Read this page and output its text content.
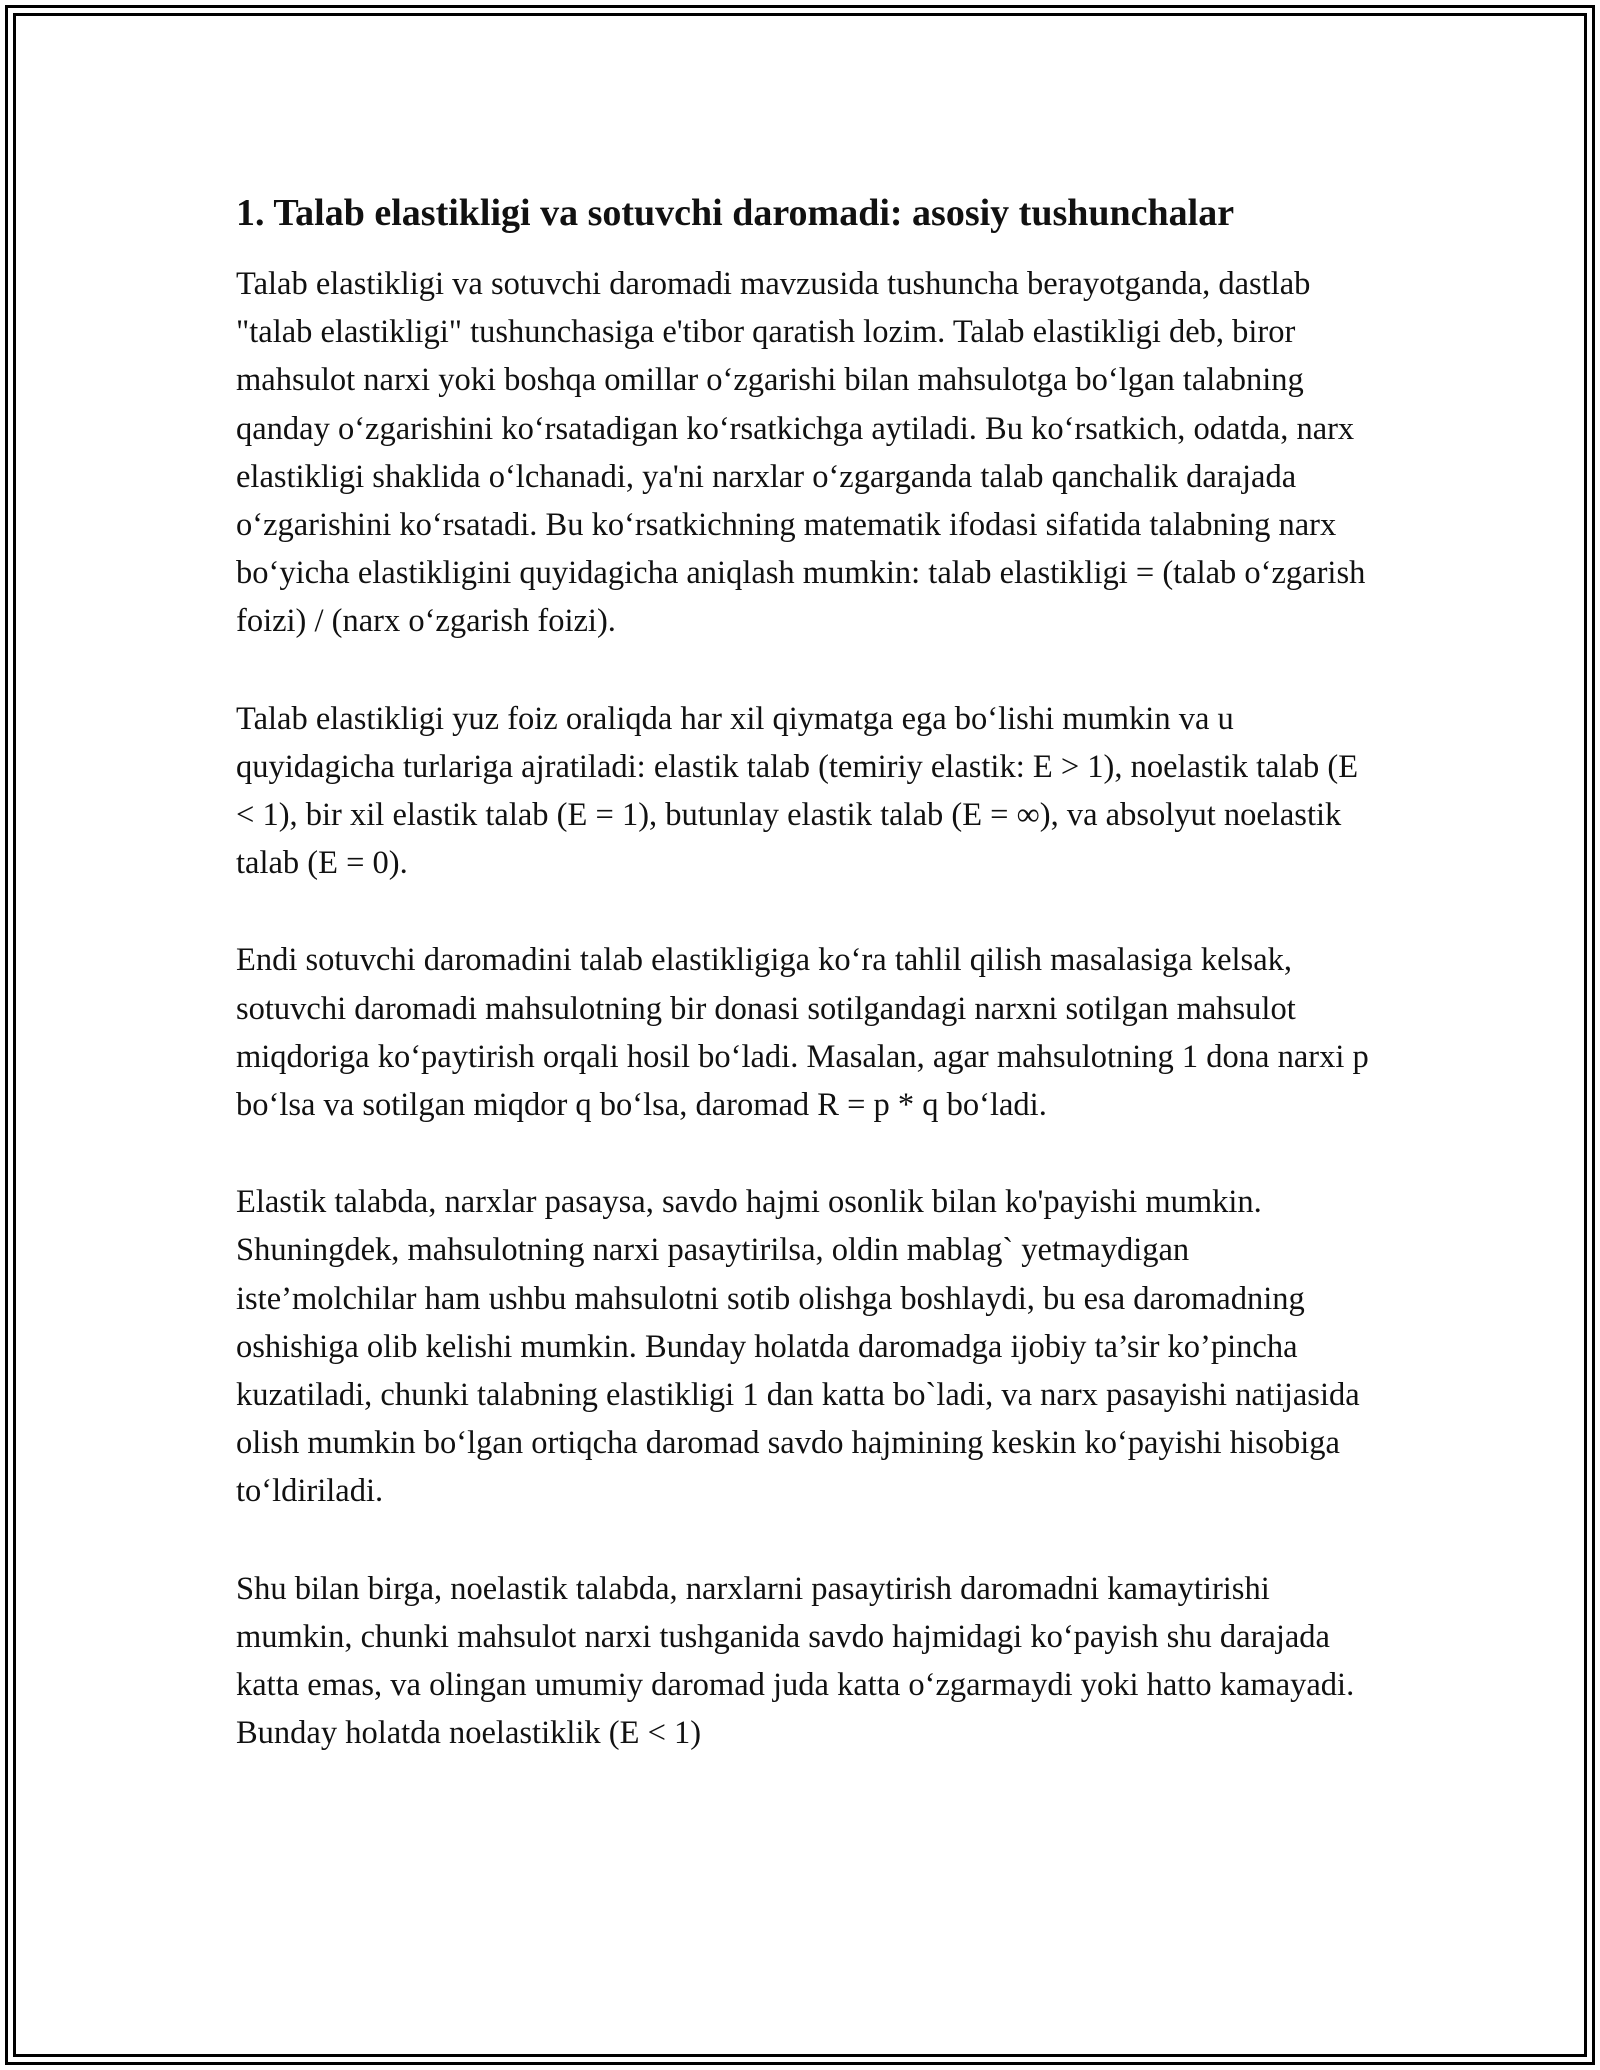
1. Talab elastikligi va sotuvchi daromadi: asosiy tushunchalar

Talab elastikligi va sotuvchi daromadi mavzusida tushuncha berayotganda, dastlab "talab elastikligi" tushunchasiga e'tibor qaratish lozim. Talab elastikligi deb, biror mahsulot narxi yoki boshqa omillar o‘zgarishi bilan mahsulotga bo‘lgan talabning qanday o‘zgarishini ko‘rsatadigan ko‘rsatkichga aytiladi. Bu ko‘rsatkich, odatda, narx elastikligi shaklida o‘lchanadi, ya'ni narxlar o‘zgarganda talab qanchalik darajada o‘zgarishini ko‘rsatadi. Bu ko‘rsatkichning matematik ifodasi sifatida talabning narx bo‘yicha elastikligini quyidagicha aniqlash mumkin: talab elastikligi = (talab o‘zgarish foizi) / (narx o‘zgarish foizi).

Talab elastikligi yuz foiz oraliqda har xil qiymatga ega bo‘lishi mumkin va u quyidagicha turlariga ajratiladi: elastik talab (temiriy elastik: E > 1), noelastik talab (E < 1), bir xil elastik talab (E = 1), butunlay elastik talab (E = ∞), va absolyut noelastik talab (E = 0).

Endi sotuvchi daromadini talab elastikligiga ko‘ra tahlil qilish masalasiga kelsak, sotuvchi daromadi mahsulotning bir donasi sotilgandagi narxni sotilgan mahsulot miqdoriga ko‘paytirish orqali hosil bo‘ladi. Masalan, agar mahsulotning 1 dona narxi p bo‘lsa va sotilgan miqdor q bo‘lsa, daromad R = p * q bo‘ladi.

Elastik talabda, narxlar pasaysa, savdo hajmi osonlik bilan ko'payishi mumkin. Shuningdek, mahsulotning narxi pasaytirilsa, oldin mablag` yetmaydigan iste’molchilar ham ushbu mahsulotni sotib olishga boshlaydi, bu esa daromadning oshishiga olib kelishi mumkin. Bunday holatda daromadga ijobiy ta’sir ko’pincha kuzatiladi, chunki talabning elastikligi 1 dan katta bo`ladi, va narx pasayishi natijasida olish mumkin bo‘lgan ortiqcha daromad savdo hajmining keskin ko‘payishi hisobiga to‘ldiriladi.

Shu bilan birga, noelastik talabda, narxlarni pasaytirish daromadni kamaytirishi mumkin, chunki mahsulot narxi tushganida savdo hajmidagi ko‘payish shu darajada katta emas, va olingan umumiy daromad juda katta o‘zgarmaydi yoki hatto kamayadi. Bunday holatda noelastiklik (E < 1)
